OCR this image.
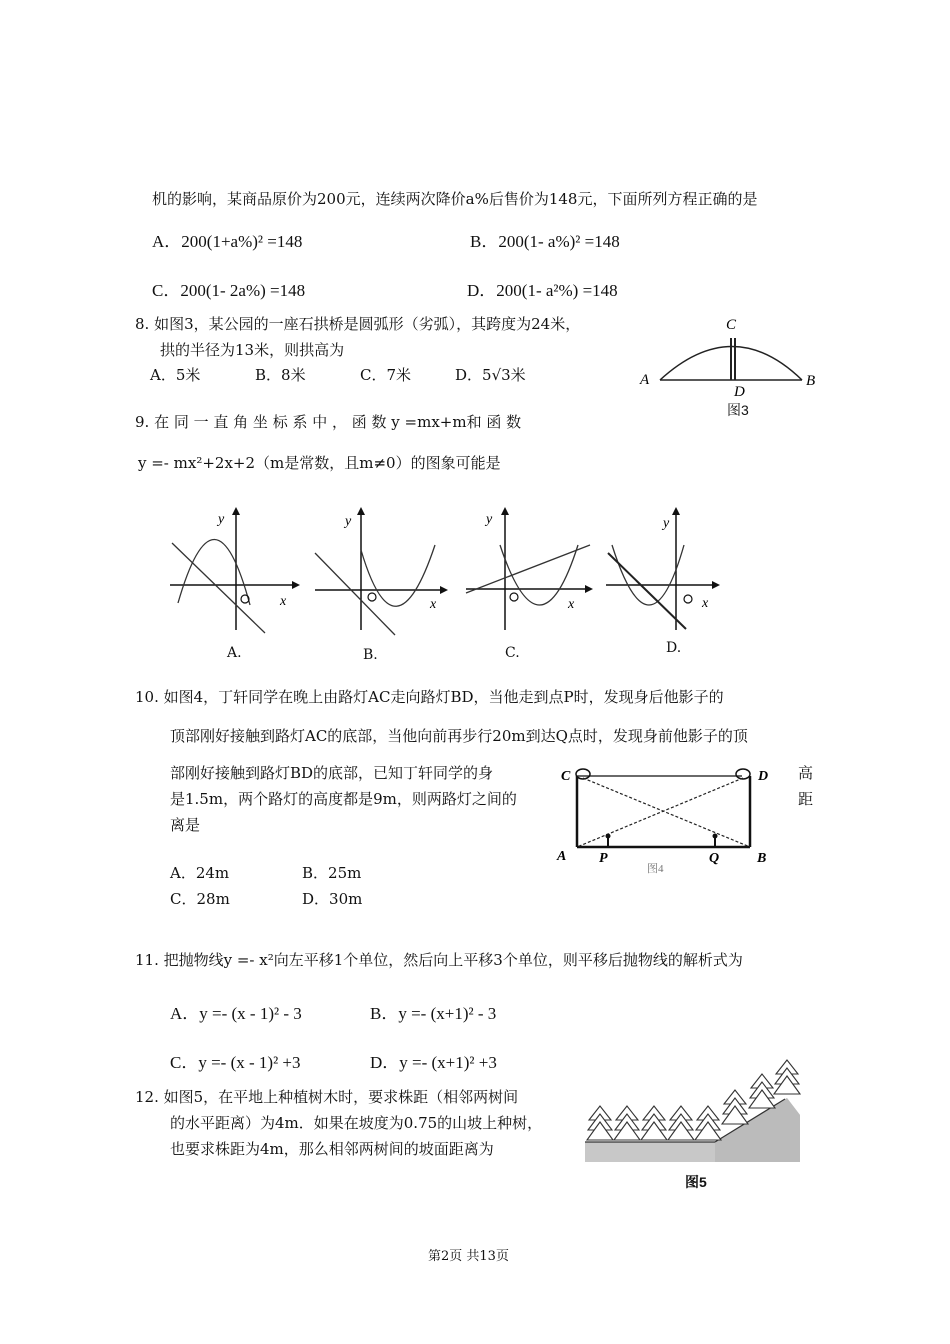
机的影响，某商品原价为200元，连续两次降价a%后售价为148元，下面所列方程正确的是
A．200(1+a%)² =148	B．200(1- a%)² =148
C．200(1- 2a%) =148	D．200(1- a²%) =148
8. 如图3，某公园的一座石拱桥是圆弧形（劣弧），其跨度为24米，
拱的半径为13米，则拱高为
A．5米	B．8米	C．7米	D．5√3米
C
A	B
D
图3
9. 在 同 一 直 角 坐 标 系 中 ， 函 数 y =mx+m和 函 数
y =- mx²+2x+2（m是常数，且m≠0）的图象可能是
y
x
y
x
y
x
y
x
A.	B.	C.	D.
10. 如图4，丁轩同学在晚上由路灯AC走向路灯BD，当他走到点P时，发现身后他影子的
顶部刚好接触到路灯AC的底部，当他向前再步行20m到达Q点时，发现身前他影子的顶
部刚好接触到路灯BD的底部，已知丁轩同学的身	高
是1.5m，两个路灯的高度都是9m，则两路灯之间的	距
离是
A．24m	B．25m
C．28m	D．30m
C	D
A	B
P	Q
图4
11. 把抛物线y =- x²向左平移1个单位，然后向上平移3个单位，则平移后抛物线的解析式为
A．y =- (x - 1)² - 3	B．y =- (x+1)² - 3
C．y =- (x - 1)² +3	D．y =- (x+1)² +3
12. 如图5，在平地上种植树木时，要求株距（相邻两树间
的水平距离）为4m．如果在坡度为0.75的山坡上种树，
也要求株距为4m，那么相邻两树间的坡面距离为
图5
第2页 共13页
